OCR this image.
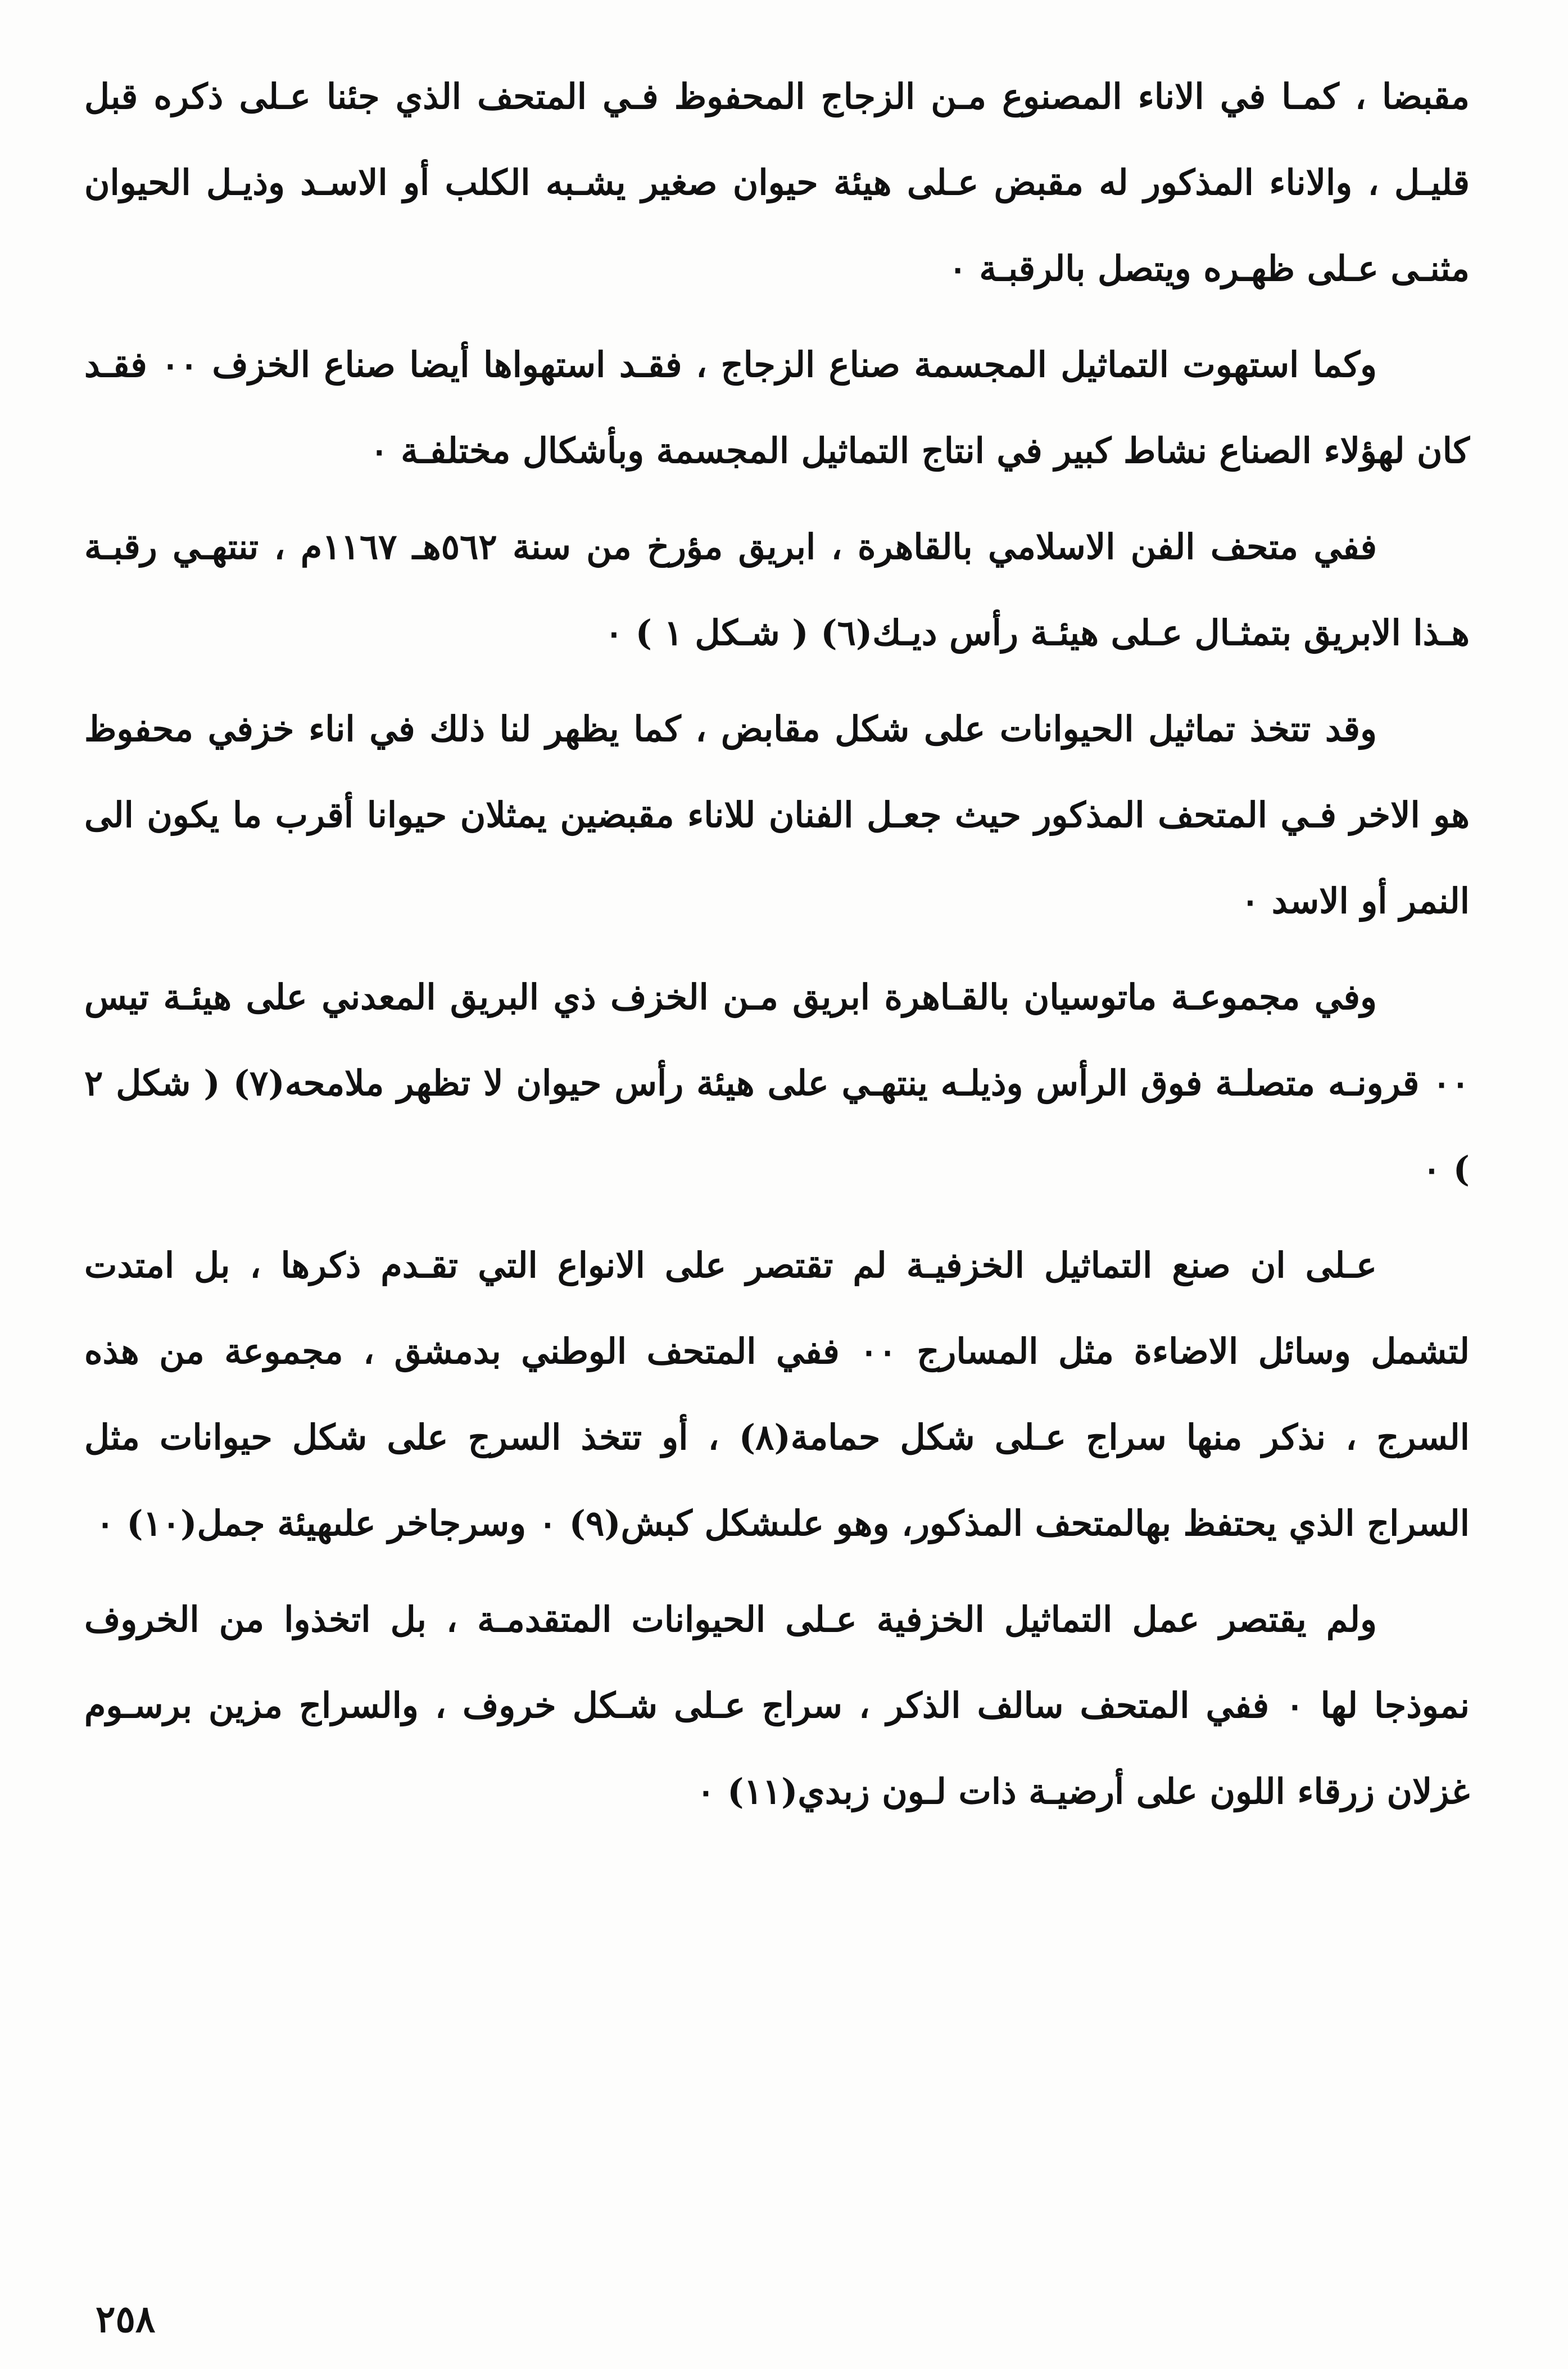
مقبضا ، كمـا في الاناء المصنوع مـن الزجاج المحفوظ فـي المتحف الذي جئنا عـلى ذكره قبل قليـل ، والاناء المذكور له مقبض عـلى هيئة حيوان صغير يشـبه الكلب أو الاسـد وذيـل الحيوان مثنـى عـلى ظهـره ويتصل بالرقبـة ٠

وكما استهوت التماثيل المجسمة صناع الزجاج ، فقـد استهواها أيضا صناع الخزف ٠٠ فقـد كان لهؤلاء الصناع نشاط كبير في انتاج التماثيل المجسمة وبأشكال مختلفـة ٠

ففي متحف الفن الاسلامي بالقاهرة ، ابريق مؤرخ من سنة ٥٦٢هـ ١١٦٧م ، تنتهـي رقبـة هـذا الابريق بتمثـال عـلى هيئـة رأس ديـك(٦) ( شـكل ١ ) ٠

وقد تتخذ تماثيل الحيوانات على شكل مقابض ، كما يظهر لنا ذلك في اناء خزفي محفوظ هو الاخر فـي المتحف المذكور حيث جعـل الفنان للاناء مقبضين يمثلان حيوانا أقرب ما يكون الى النمر أو الاسد ٠

وفي مجموعـة ماتوسيان بالقـاهرة ابريق مـن الخزف ذي البريق المعدني على هيئـة تيس ٠٠ قرونـه متصلـة فوق الرأس وذيلـه ينتهـي على هيئة رأس حيوان لا تظهر ملامحه(٧) ( شكل ٢ ) ٠

عـلى ان صنع التماثيل الخزفيـة لم تقتصر على الانواع التي تقـدم ذكرها ، بل امتدت لتشمل وسائل الاضاءة مثل المسارج ٠٠ ففي المتحف الوطني بدمشق ، مجموعة من هذه السرج ، نذكر منها سراج عـلى شكل حمامة(٨) ، أو تتخذ السرج على شكل حيوانات مثل السراج الذي يحتفظ بهالمتحف المذكور، وهو علىشكل كبش(٩) ٠ وسرجاخر علىهيئة جمل(١٠) ٠

ولم يقتصر عمل التماثيل الخزفية عـلى الحيوانات المتقدمـة ، بل اتخذوا من الخروف نموذجا لها ٠ ففي المتحف سالف الذكر ، سراج عـلى شـكل خروف ، والسراج مزين برسـوم غزلان زرقاء اللون على أرضيـة ذات لـون زبدي(١١) ٠

٢٥٨
